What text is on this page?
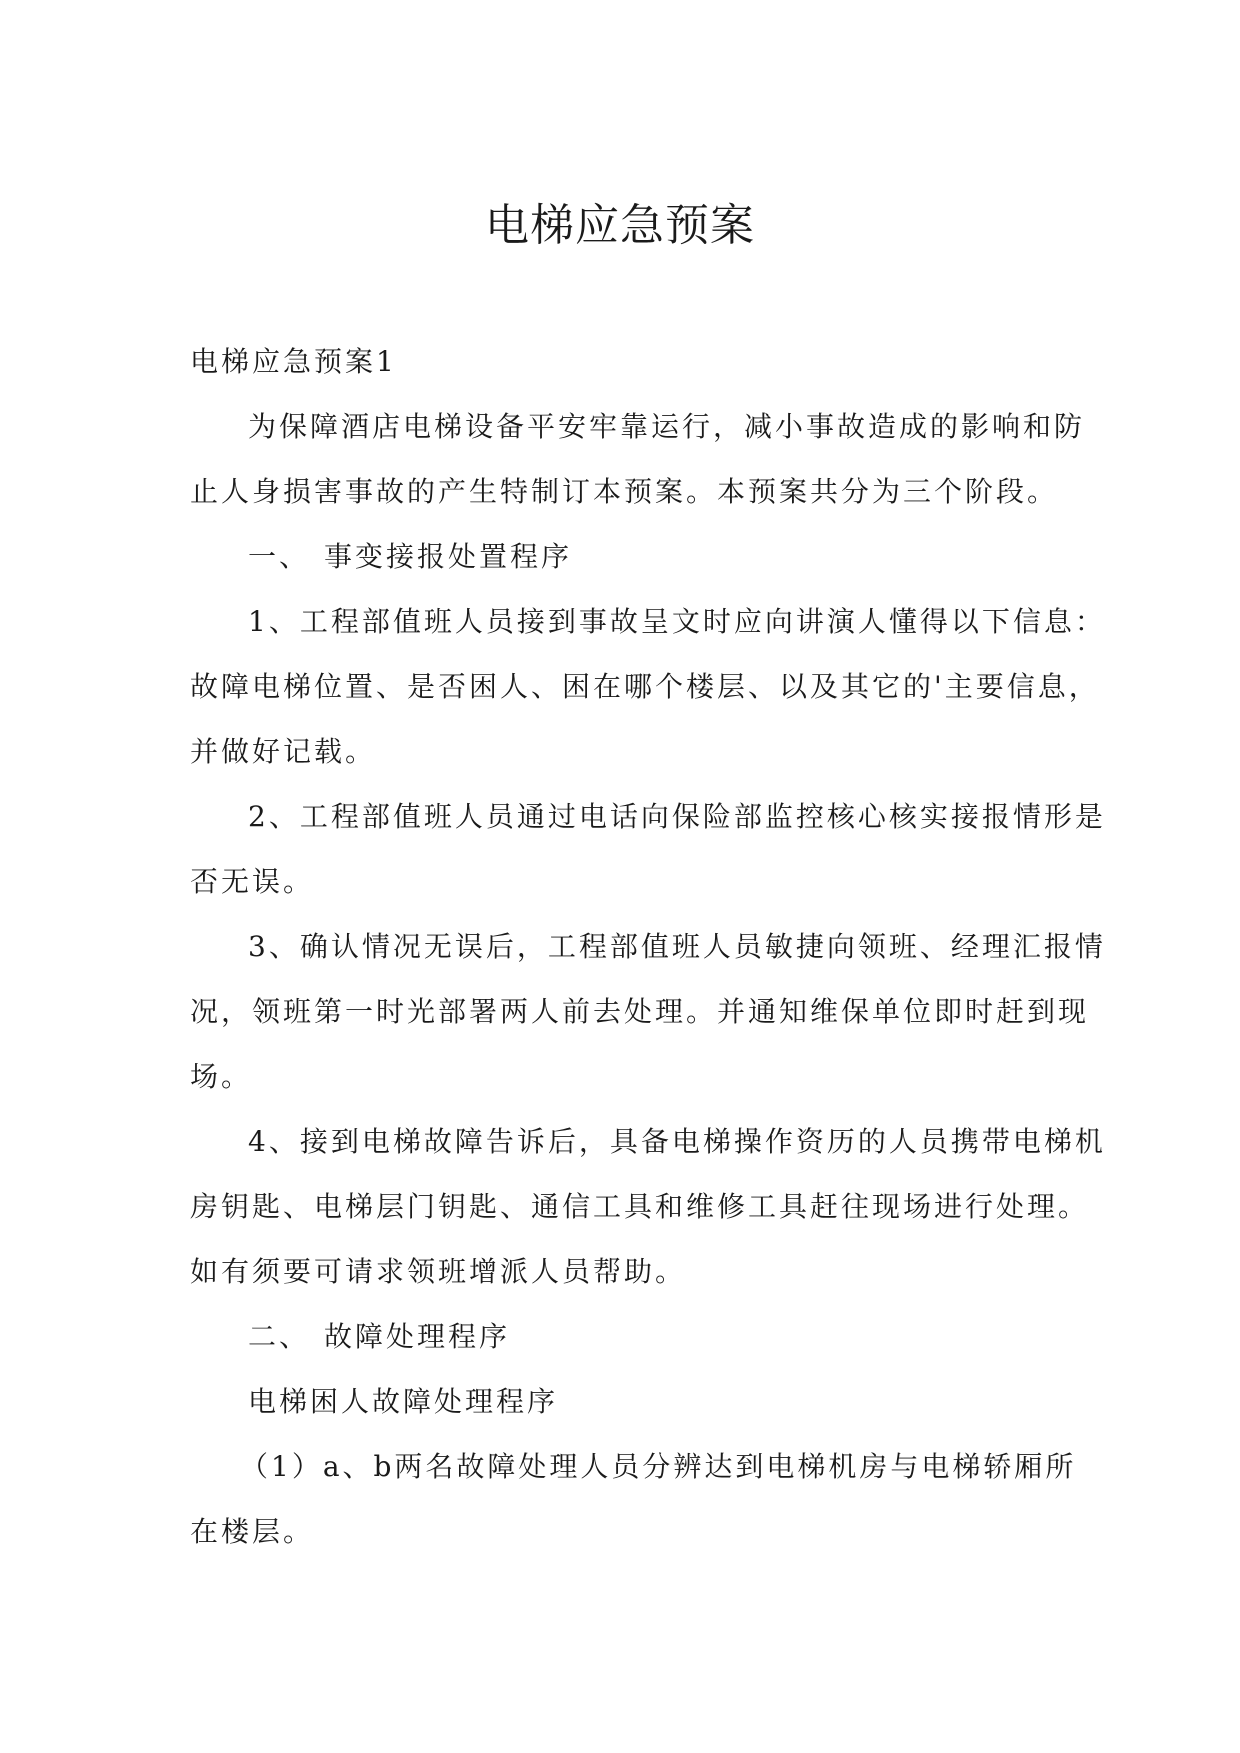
电梯应急预案
电梯应急预案1
为保障酒店电梯设备平安牢靠运行，减小事故造成的影响和防
止人身损害事故的产生特制订本预案。本预案共分为三个阶段。
一、 事变接报处置程序
1、工程部值班人员接到事故呈文时应向讲演人懂得以下信息：
故障电梯位置、是否困人、困在哪个楼层、以及其它的'主要信息，
并做好记载。
2、工程部值班人员通过电话向保险部监控核心核实接报情形是
否无误。
3、确认情况无误后，工程部值班人员敏捷向领班、经理汇报情
况，领班第一时光部署两人前去处理。并通知维保单位即时赶到现
场。
4、接到电梯故障告诉后，具备电梯操作资历的人员携带电梯机
房钥匙、电梯层门钥匙、通信工具和维修工具赶往现场进行处理。
如有须要可请求领班增派人员帮助。
二、 故障处理程序
电梯困人故障处理程序
（1）a、b两名故障处理人员分辨达到电梯机房与电梯轿厢所
在楼层。
